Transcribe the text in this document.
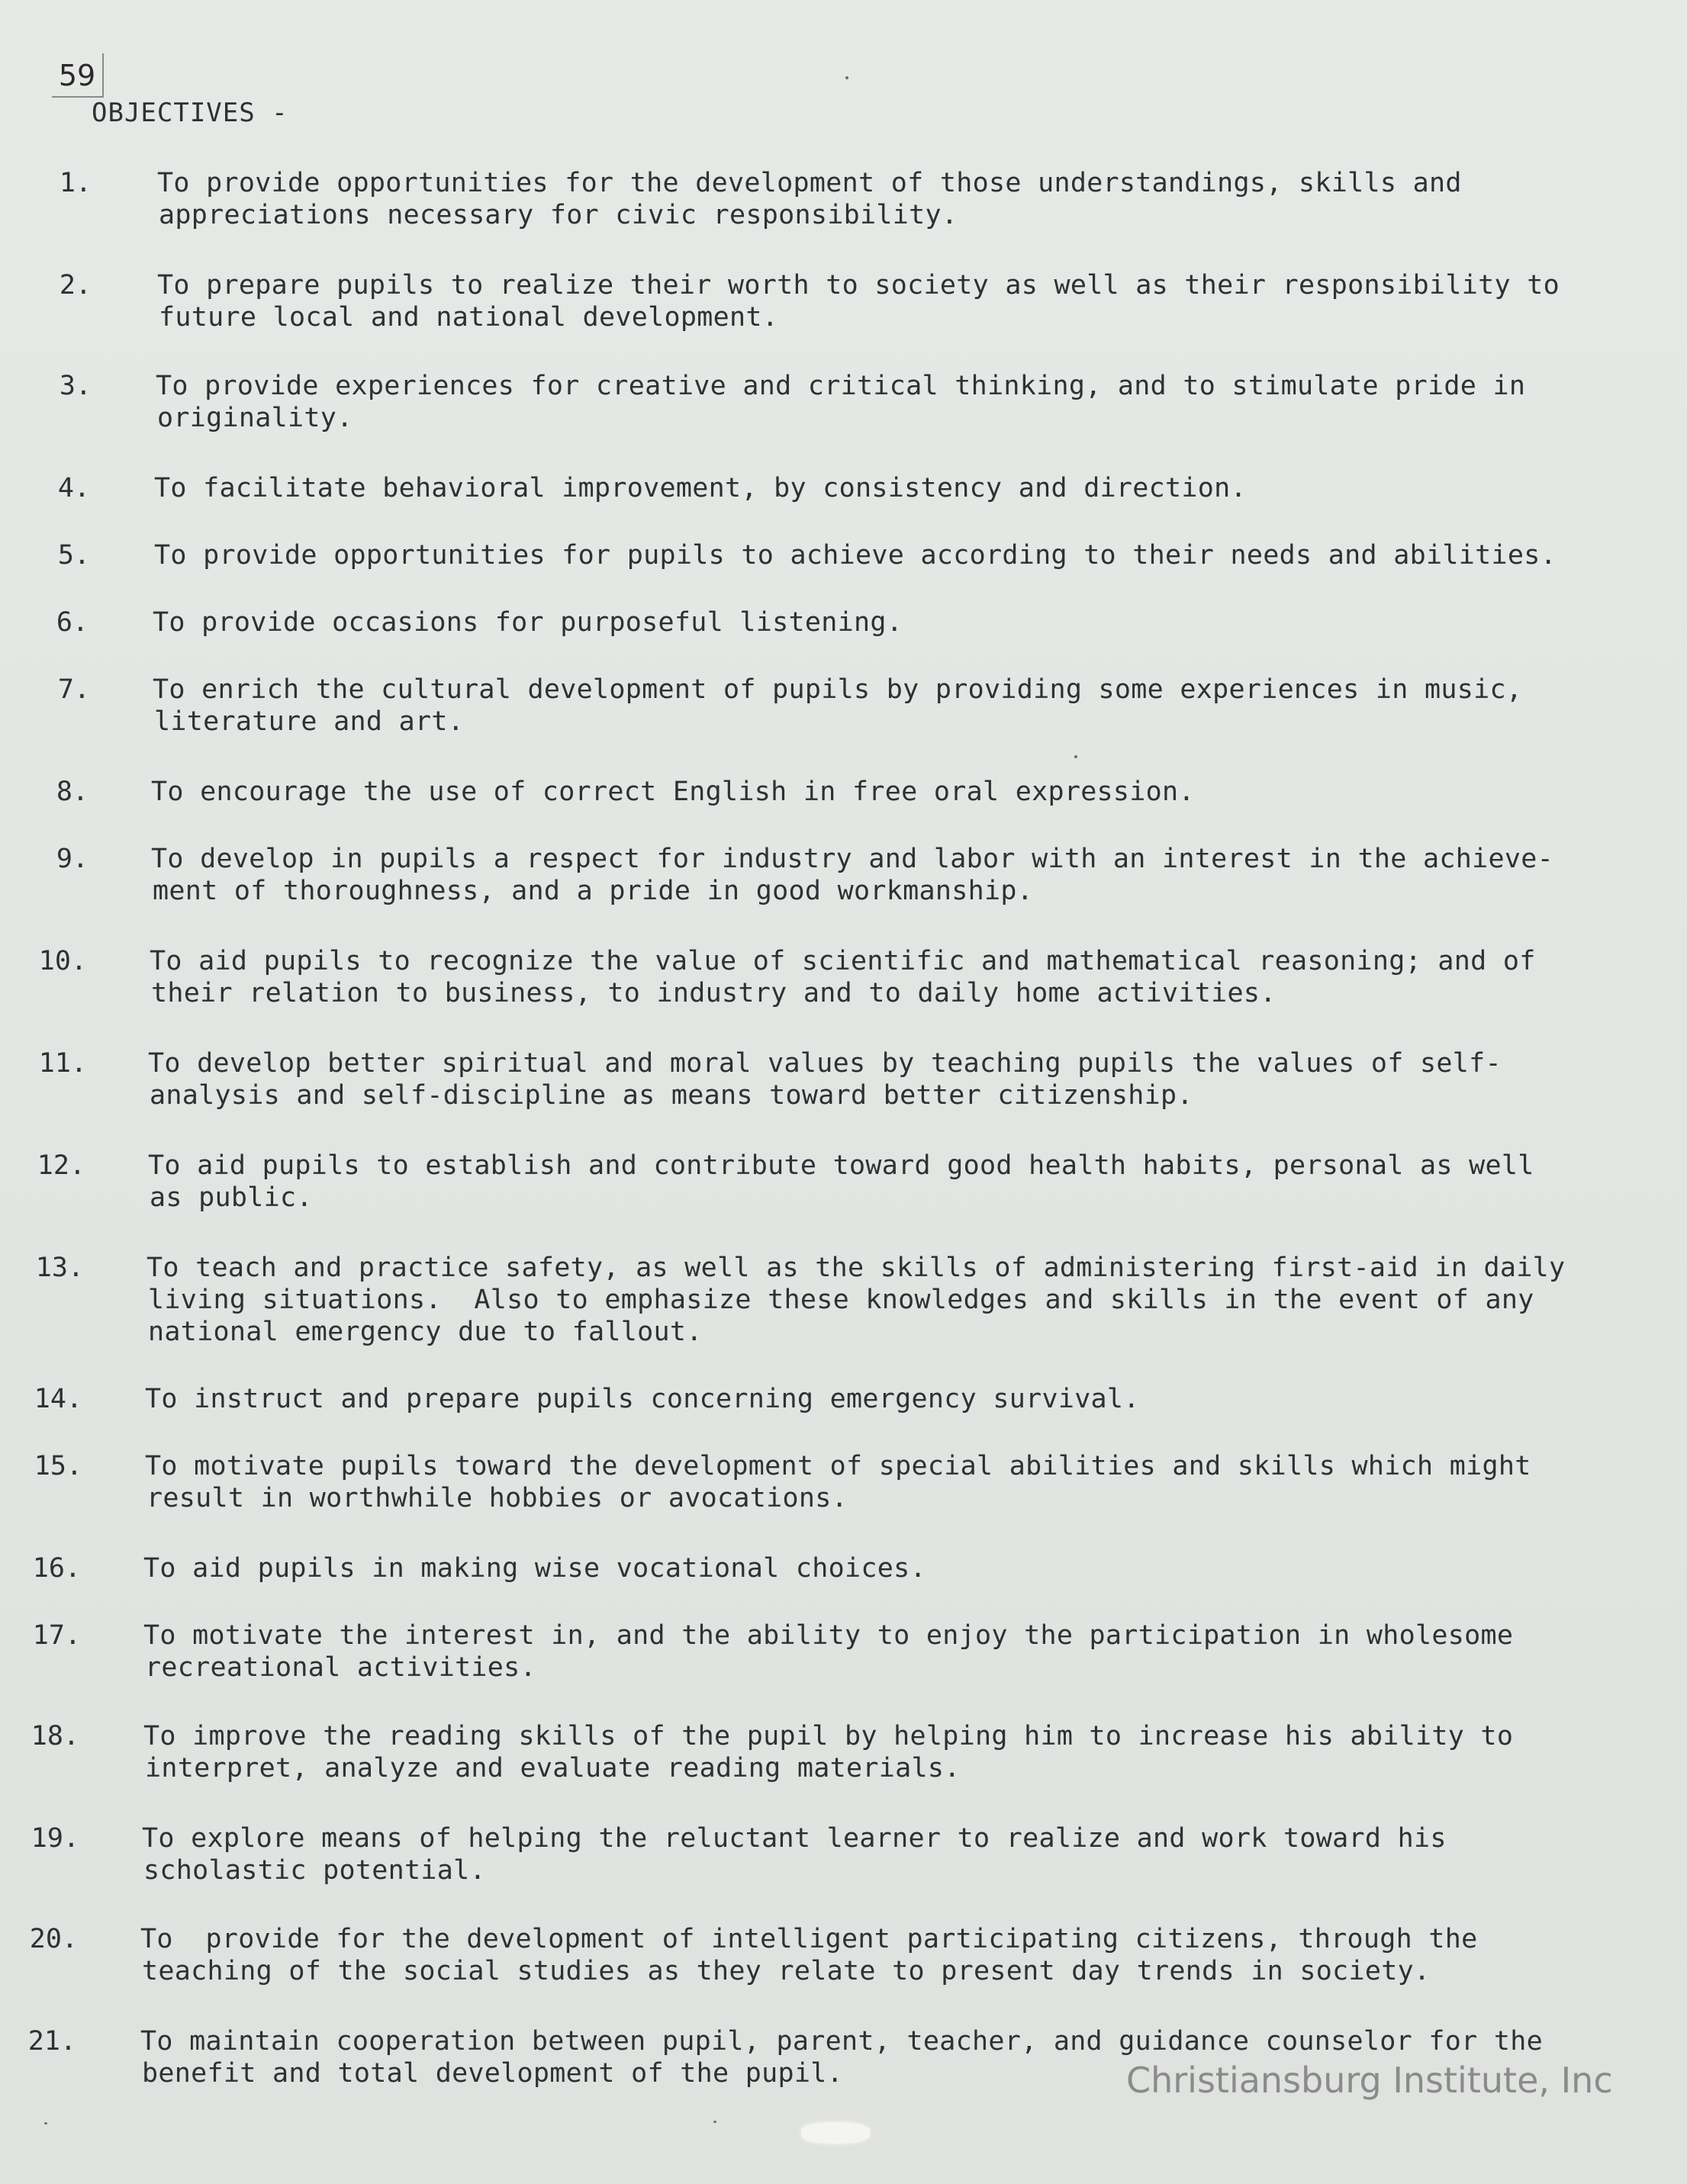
59
OBJECTIVES -
1. To provide opportunities for the development of those understandings, skills and
appreciations necessary for civic responsibility.
2. To prepare pupils to realize their worth to society as well as their responsibility to
future local and national development.
3. To provide experiences for creative and critical thinking, and to stimulate pride in
originality.
4. To facilitate behavioral improvement, by consistency and direction.
5. To provide opportunities for pupils to achieve according to their needs and abilities.
6. To provide occasions for purposeful listening.
7. To enrich the cultural development of pupils by providing some experiences in music,
literature and art.
8. To encourage the use of correct English in free oral expression.
9. To develop in pupils a respect for industry and labor with an interest in the achieve-
ment of thoroughness, and a pride in good workmanship.
10. To aid pupils to recognize the value of scientific and mathematical reasoning; and of
their relation to business, to industry and to daily home activities.
11. To develop better spiritual and moral values by teaching pupils the values of self-
analysis and self-discipline as means toward better citizenship.
12. To aid pupils to establish and contribute toward good health habits, personal as well
as public.
13. To teach and practice safety, as well as the skills of administering first-aid in daily
living situations.  Also to emphasize these knowledges and skills in the event of any
national emergency due to fallout.
14. To instruct and prepare pupils concerning emergency survival.
15. To motivate pupils toward the development of special abilities and skills which might
result in worthwhile hobbies or avocations.
16. To aid pupils in making wise vocational choices.
17. To motivate the interest in, and the ability to enjoy the participation in wholesome
recreational activities.
18. To improve the reading skills of the pupil by helping him to increase his ability to
interpret, analyze and evaluate reading materials.
19. To explore means of helping the reluctant learner to realize and work toward his
scholastic potential.
20. To  provide for the development of intelligent participating citizens, through the
teaching of the social studies as they relate to present day trends in society.
21. To maintain cooperation between pupil, parent, teacher, and guidance counselor for the
benefit and total development of the pupil.	Christiansburg Institute, Inc
